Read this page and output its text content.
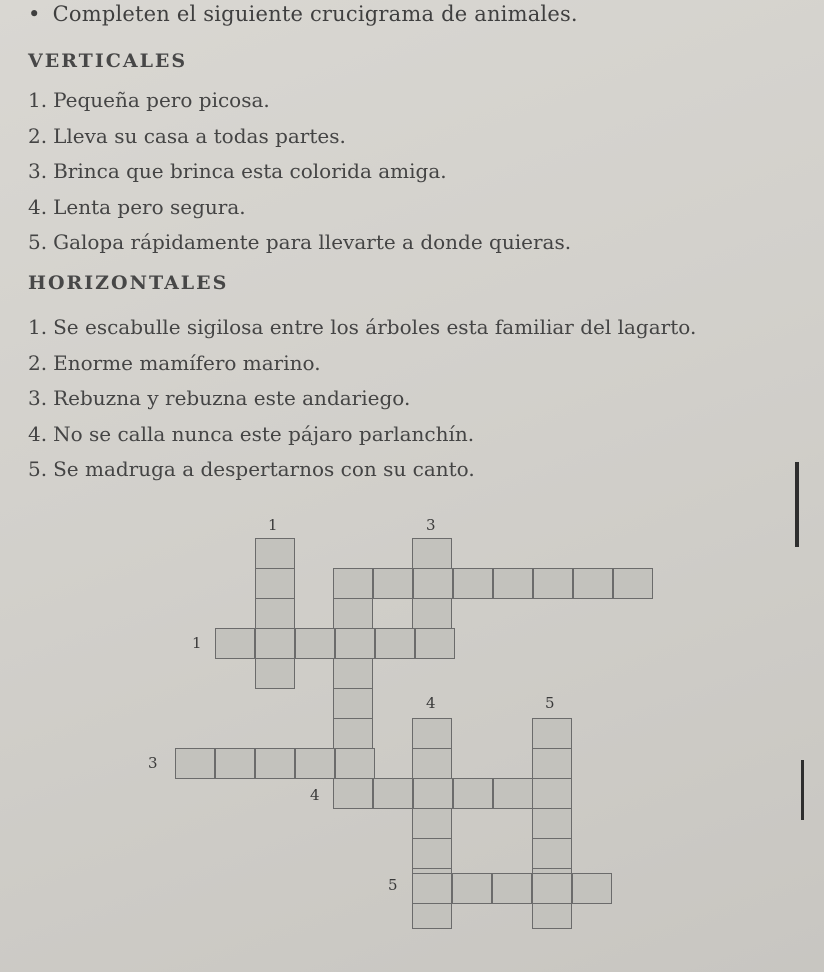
• Completen el siguiente crucigrama de animales.
VERTICALES
1. Pequeña pero picosa.
2. Lleva su casa a todas partes.
3. Brinca que brinca esta colorida amiga.
4. Lenta pero segura.
5. Galopa rápidamente para llevarte a donde quieras.
HORIZONTALES
1. Se escabulle sigilosa entre los árboles esta familiar del lagarto.
2. Enorme mamífero marino.
3. Rebuzna y rebuzna este andariego.
4. No se calla nunca este pájaro parlanchín.
5. Se madruga a despertarnos con su canto.
1	3
1
4	5
3
4
5
